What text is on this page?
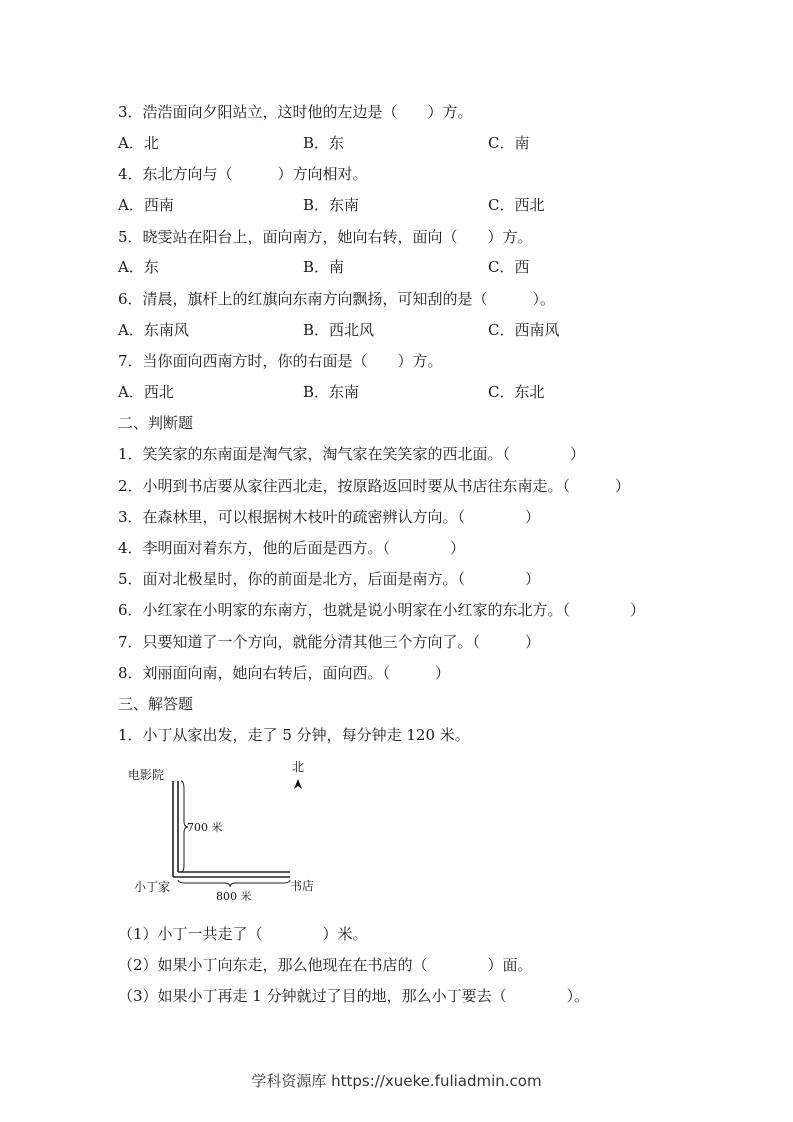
3．浩浩面向夕阳站立，这时他的左边是（　　）方。
A．北	B．东	C．南
4．东北方向与（　　　）方向相对。
A．西南	B．东南	C．西北
5．晓雯站在阳台上，面向南方，她向右转，面向（　　）方。
A．东	B．南	C．西
6．清晨，旗杆上的红旗向东南方向飘扬，可知刮的是（　　　）。
A．东南风	B．西北风	C．西南风
7．当你面向西南方时，你的右面是（　　）方。
A．西北	B．东南	C．东北
二、判断题
1．笑笑家的东南面是淘气家，淘气家在笑笑家的西北面。（　　　　）
2．小明到书店要从家往西北走，按原路返回时要从书店往东南走。（　　　）
3．在森林里，可以根据树木枝叶的疏密辨认方向。（　　　　）
4．李明面对着东方，他的后面是西方。（　　　　）
5．面对北极星时，你的前面是北方，后面是南方。（　　　　）
6．小红家在小明家的东南方，也就是说小明家在小红家的东北方。（　　　　）
7．只要知道了一个方向，就能分清其他三个方向了。（　　　）
8．刘丽面向南，她向右转后，面向西。（　　　）
三、解答题
1．小丁从家出发，走了 5 分钟，每分钟走 120 米。
电影院
700 米
小丁家
800 米
书店
北
（1）小丁一共走了（　　　　）米。
（2）如果小丁向东走，那么他现在在书店的（　　　　）面。
（3）如果小丁再走 1 分钟就过了目的地，那么小丁要去（　　　　）。
学科资源库 https://xueke.fuliadmin.com
